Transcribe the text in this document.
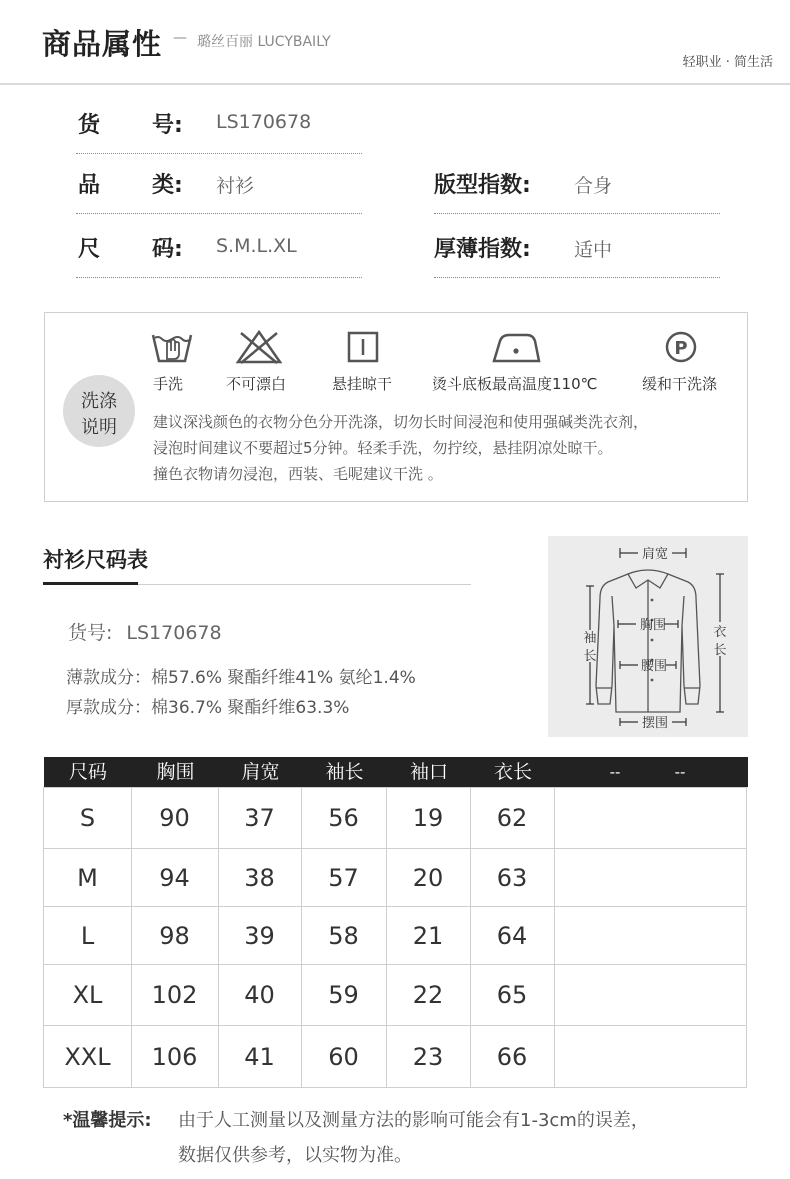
商品属性 — 璐丝百丽 LUCYBAILY
轻职业 · 简生活
货 号: LS170678
品 类: 衬衫
尺 码: S.M.L.XL
版型指数: 合身
厚薄指数: 适中
洗涤
说明
手洗	不可漂白	悬挂晾干	烫斗底板最高温度110℃
P
缓和干洗涤
建议深浅颜色的衣物分色分开洗涤，切勿长时间浸泡和使用强碱类洗衣剂，
浸泡时间建议不要超过5分钟。轻柔手洗，勿拧绞，悬挂阴凉处晾干。
撞色衣物请勿浸泡，西装、毛呢建议干洗 。
衬衫尺码表
货号: LS170678
薄款成分：棉57.6% 聚酯纤维41% 氨纶1.4%
厚款成分：棉36.7% 聚酯纤维63.3%
肩宽
胸围
腰围
摆围
袖
长
衣
长
尺码	胸围	肩宽	袖长	袖口	衣长	--	--
S	90	37	56	19	62
M	94	38	57	20	63
L	98	39	58	21	64
XL	102	40	59	22	65
XXL	106	41	60	23	66
*温馨提示: 由于人工测量以及测量方法的影响可能会有1-3cm的误差，
数据仅供参考，以实物为准。
